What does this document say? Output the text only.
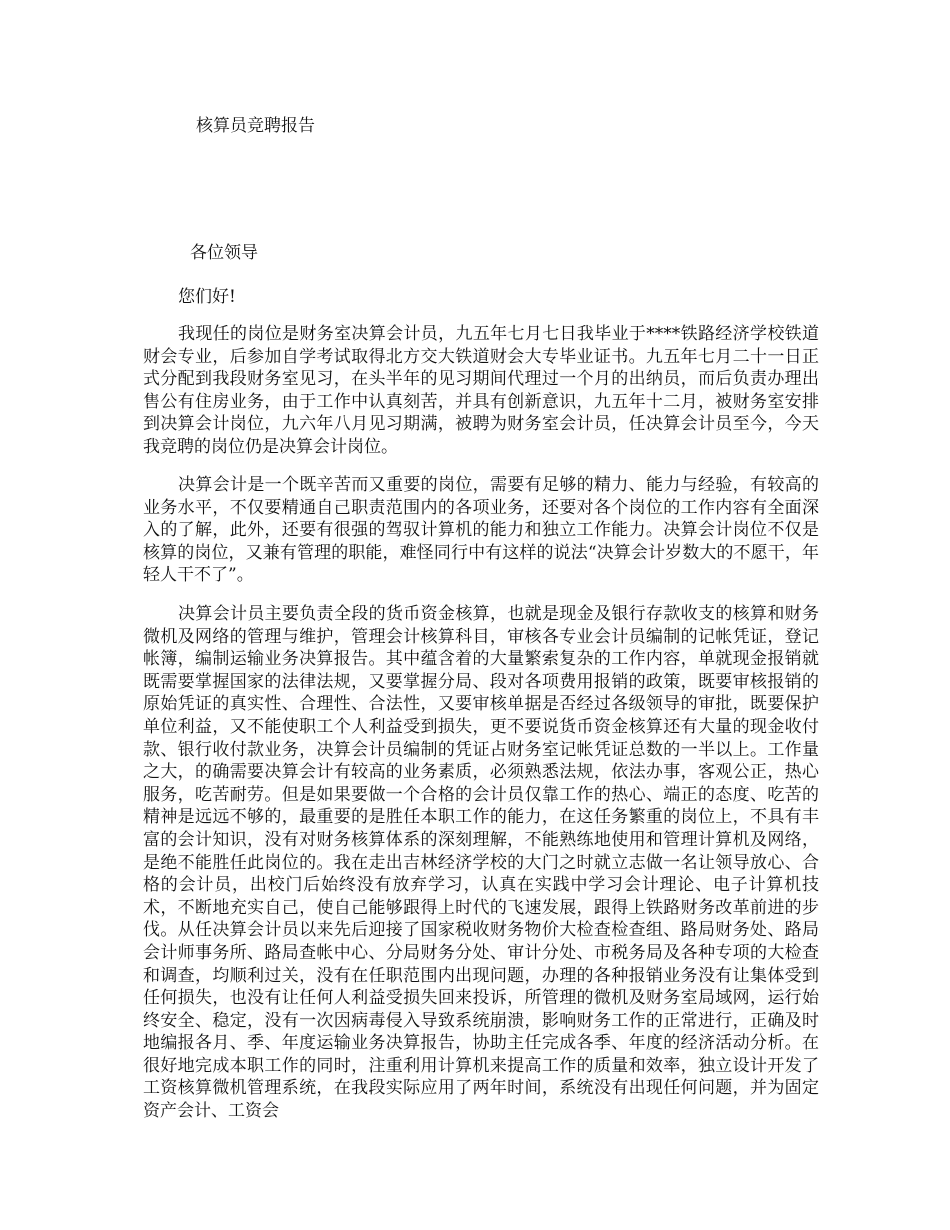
核算员竞聘报告
各位领导
您们好!

我现任的岗位是财务室决算会计员，九五年七月七日我毕业于****铁路经济学校铁道财会专业，后参加自学考试取得北方交大铁道财会大专毕业证书。九五年七月二十一日正式分配到我段财务室见习，在头半年的见习期间代理过一个月的出纳员，而后负责办理出售公有住房业务，由于工作中认真刻苦，并具有创新意识，九五年十二月，被财务室安排到决算会计岗位，九六年八月见习期满，被聘为财务室会计员，任决算会计员至今，今天我竞聘的岗位仍是决算会计岗位。

决算会计是一个既辛苦而又重要的岗位，需要有足够的精力、能力与经验，有较高的业务水平，不仅要精通自己职责范围内的各项业务，还要对各个岗位的工作内容有全面深入的了解，此外，还要有很强的驾驭计算机的能力和独立工作能力。决算会计岗位不仅是核算的岗位，又兼有管理的职能，难怪同行中有这样的说法“决算会计岁数大的不愿干，年轻人干不了”。

决算会计员主要负责全段的货币资金核算，也就是现金及银行存款收支的核算和财务微机及网络的管理与维护，管理会计核算科目，审核各专业会计员编制的记帐凭证，登记帐簿，编制运输业务决算报告。其中蕴含着的大量繁索复杂的工作内容，单就现金报销就既需要掌握国家的法律法规，又要掌握分局、段对各项费用报销的政策，既要审核报销的原始凭证的真实性、合理性、合法性，又要审核单据是否经过各级领导的审批，既要保护单位利益，又不能使职工个人利益受到损失，更不要说货币资金核算还有大量的现金收付款、银行收付款业务，决算会计员编制的凭证占财务室记帐凭证总数的一半以上。工作量之大，的确需要决算会计有较高的业务素质，必须熟悉法规，依法办事，客观公正，热心服务，吃苦耐劳。但是如果要做一个合格的会计员仅靠工作的热心、端正的态度、吃苦的精神是远远不够的，最重要的是胜任本职工作的能力，在这任务繁重的岗位上，不具有丰富的会计知识，没有对财务核算体系的深刻理解，不能熟练地使用和管理计算机及网络，是绝不能胜任此岗位的。我在走出吉林经济学校的大门之时就立志做一名让领导放心、合格的会计员，出校门后始终没有放弃学习，认真在实践中学习会计理论、电子计算机技术，不断地充实自己，使自己能够跟得上时代的飞速发展，跟得上铁路财务改革前进的步伐。从任决算会计员以来先后迎接了国家税收财务物价大检查检查组、路局财务处、路局会计师事务所、路局查帐中心、分局财务分处、审计分处、市税务局及各种专项的大检查和调查，均顺利过关，没有在任职范围内出现问题，办理的各种报销业务没有让集体受到任何损失，也没有让任何人利益受损失回来投诉，所管理的微机及财务室局域网，运行始终安全、稳定，没有一次因病毒侵入导致系统崩溃，影响财务工作的正常进行，正确及时地编报各月、季、年度运输业务决算报告，协助主任完成各季、年度的经济活动分析。在很好地完成本职工作的同时，注重利用计算机来提高工作的质量和效率，独立设计开发了工资核算微机管理系统，在我段实际应用了两年时间，系统没有出现任何问题，并为固定资产会计、工资会
